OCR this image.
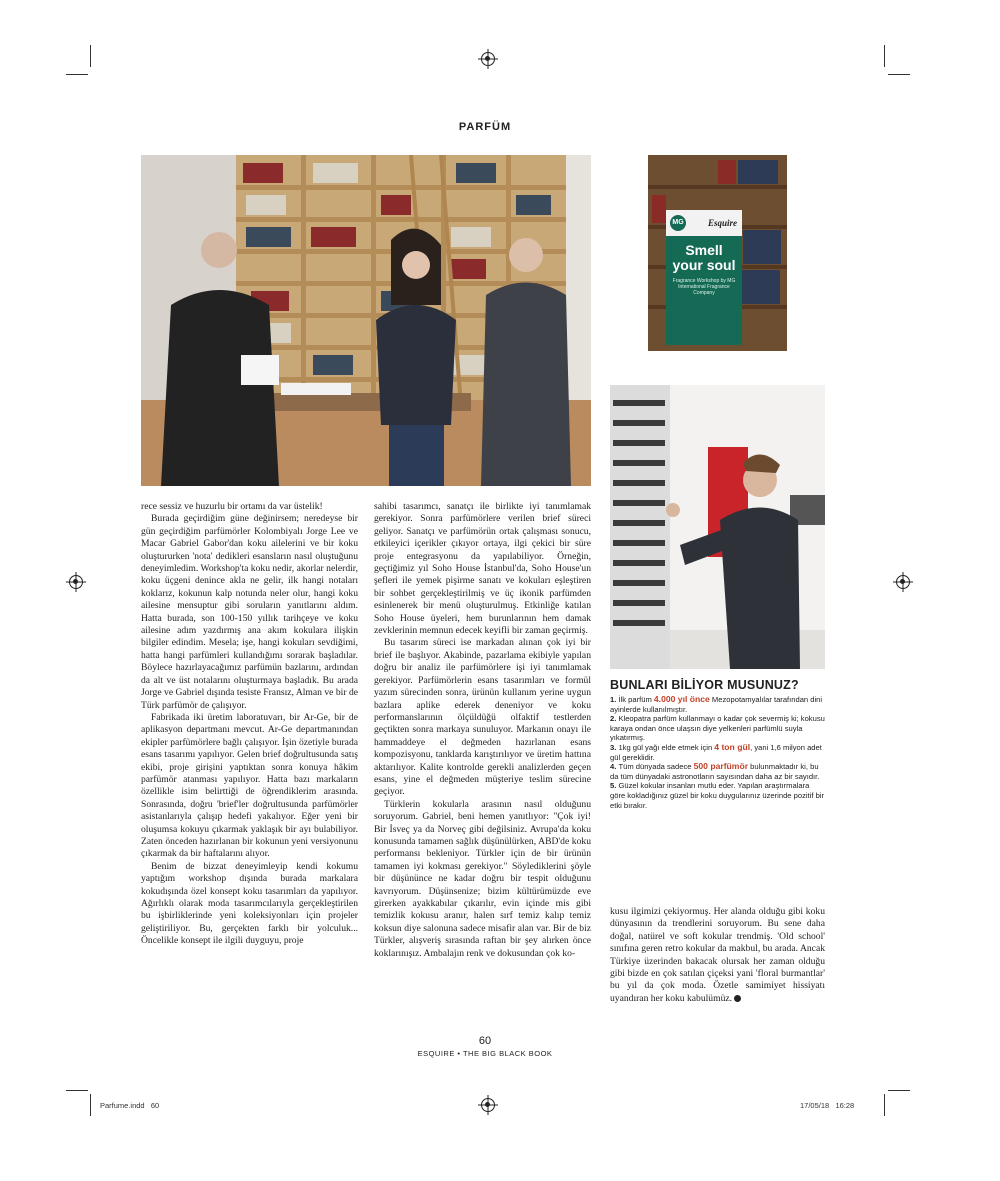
PARFÜM
MG	Esquire
Smell your soul
Fragrance Workshop by MG International Fragrance Company

rece sessiz ve huzurlu bir ortamı da var üstelik!

Burada geçirdiğim güne değinirsem; neredeyse bir gün geçirdiğim parfümörler Kolombiyalı Jorge Lee ve Macar Gabriel Gabor'dan koku ailelerini ve bir koku oluştururken 'nota' dedikleri esansların nasıl oluştuğunu deneyimledim. Workshop'ta koku nedir, akorlar nelerdir, koku üçgeni denince akla ne gelir, ilk hangi notaları koklarız, kokunun kalp notunda neler olur, hangi koku ailesine mensuptur gibi soruların yanıtlarını aldım. Hatta burada, son 100-150 yıllık tarihçeye ve koku ailesine adım yazdırmış ana akım kokulara ilişkin bilgiler edindim. Mesela; işe, hangi kokuları sevdiğimi, hatta hangi parfümleri kullandığımı sorarak başladılar. Böylece hazırlayacağımız parfümün bazlarını, ardından da alt ve üst notalarını oluşturmaya başladık. Bu arada Jorge ve Gabriel dışında tesiste Fransız, Alman ve bir de Türk parfümör de çalışıyor.

Fabrikada iki üretim laboratuvarı, bir Ar-Ge, bir de aplikasyon departmanı mevcut. Ar-Ge departmanından ekipler parfümörlere bağlı çalışıyor. İşin özetiyle burada esans tasarımı yapılıyor. Gelen brief doğrultusunda satış ekibi, proje girişini yaptıktan sonra konuya hâkim parfümör atanması yapılıyor. Hatta bazı markaların özellikle isim belirttiği de öğrendiklerim arasında. Sonrasında, doğru 'brief'ler doğrultusunda parfümörler asistanlarıyla çalışıp hedefi yakalıyor. Eğer yeni bir oluşumsa kokuyu çıkarmak yaklaşık bir ayı bulabiliyor. Zaten önceden hazırlanan bir kokunun yeni versiyonunu çıkarmak da bir haftalarını alıyor.

Benim de bizzat deneyimleyip kendi kokumu yaptığım workshop dışında burada markalara kokudışında özel konsept koku tasarımları da yapılıyor. Ağırlıklı olarak moda tasarımcılarıyla gerçekleştirilen bu işbirliklerinde yeni koleksiyonları için projeler geliştiriliyor. Bu, gerçekten farklı bir yolculuk... Öncelikle konsept ile ilgili duyguyu, proje

sahibi tasarımcı, sanatçı ile birlikte iyi tanımlamak gerekiyor. Sonra parfümörlere verilen brief süreci geliyor. Sanatçı ve parfümörün ortak çalışması sonucu, etkileyici içerikler çıkıyor ortaya, ilgi çekici bir süre proje entegrasyonu da yapılabiliyor. Örneğin, geçtiğimiz yıl Soho House İstanbul'da, Soho House'un şefleri ile yemek pişirme sanatı ve kokuları eşleştiren bir sohbet gerçekleştirilmiş ve üç ikonik parfümden esinlenerek bir menü oluşturulmuş. Etkinliğe katılan Soho House üyeleri, hem burunlarının hem damak zevklerinin memnun edecek keyifli bir zaman geçirmiş.

Bu tasarım süreci ise markadan alınan çok iyi bir brief ile başlıyor. Akabinde, pazarlama ekibiyle yapılan doğru bir analiz ile parfümörlere işi iyi tanımlamak gerekiyor. Parfümörlerin esans tasarımları ve formül yazım sürecinden sonra, ürünün kullanım yerine uygun bazlara aplike ederek deneniyor ve koku performanslarının ölçüldüğü olfaktif testlerden geçtikten sonra markaya sunuluyor. Markanın onayı ile hammaddeye el değmeden hazırlanan esans kompozisyonu, tanklarda karıştırılıyor ve üretim hattına aktarılıyor. Kalite kontrolde gerekli analizlerden geçen esans, yine el değmeden müşteriye teslim sürecine geçiyor.

Türklerin kokularla arasının nasıl olduğunu soruyorum. Gabriel, beni hemen yanıtlıyor: "Çok iyi! Bir İsveç ya da Norveç gibi değilsiniz. Avrupa'da koku konusunda tamamen sağlık düşünülürken, ABD'de koku performansı bekleniyor. Türkler için de bir ürünün tamamen iyi kokması gerekiyor." Söylediklerini şöyle bir düşününce ne kadar doğru bir tespit olduğunu kavrıyorum. Düşünsenize; bizim kültürümüzde eve girerken ayakkabılar çıkarılır, evin içinde mis gibi temizlik kokusu aranır, halen sırf temiz kalıp temiz koksun diye salonuna sadece misafir alan var. Bir de biz Türkler, alışveriş sırasında raftan bir şey alırken önce koklarınışız. Ambalajın renk ve dokusundan çok ko-

kusu ilgimizi çekiyormuş. Her alanda olduğu gibi koku dünyasının da trendlerini soruyorum. Bu sene daha doğal, natürel ve soft kokular trendmiş. 'Old school' sınıfına geren retro kokular da makbul, bu arada. Ancak Türkiye üzerinden bakacak olursak her zaman olduğu gibi bizde en çok satılan çiçeksi yani 'floral burmantlar' bu yıl da çok moda. Özetle samimiyet hissiyatı uyandıran her koku kabulümüz.

BUNLARI BİLİYOR MUSUNUZ?
1. İlk parfüm 4.000 yıl önce Mezopotamyalılar tarafından dini ayinlerde kullanılmıştır.
2. Kleopatra parfüm kullanmayı o kadar çok severmiş ki; kokusu karaya ondan önce ulaşsın diye yelkenleri parfümlü suyla yıkatırmış.
3. 1kg gül yağı elde etmek için 4 ton gül, yani 1,6 milyon adet gül gereklidir.
4. Tüm dünyada sadece 500 parfümör bulunmaktadır ki, bu da tüm dünyadaki astronotların sayısından daha az bir sayıdır.
5. Güzel kokular insanları mutlu eder. Yapılan araştırmalara göre kokladığınız güzel bir koku duygularınız üzerinde pozitif bir etki bırakır.
60
ESQUIRE • THE BIG BLACK BOOK
Parfume.indd   60	17/05/18   16:28
